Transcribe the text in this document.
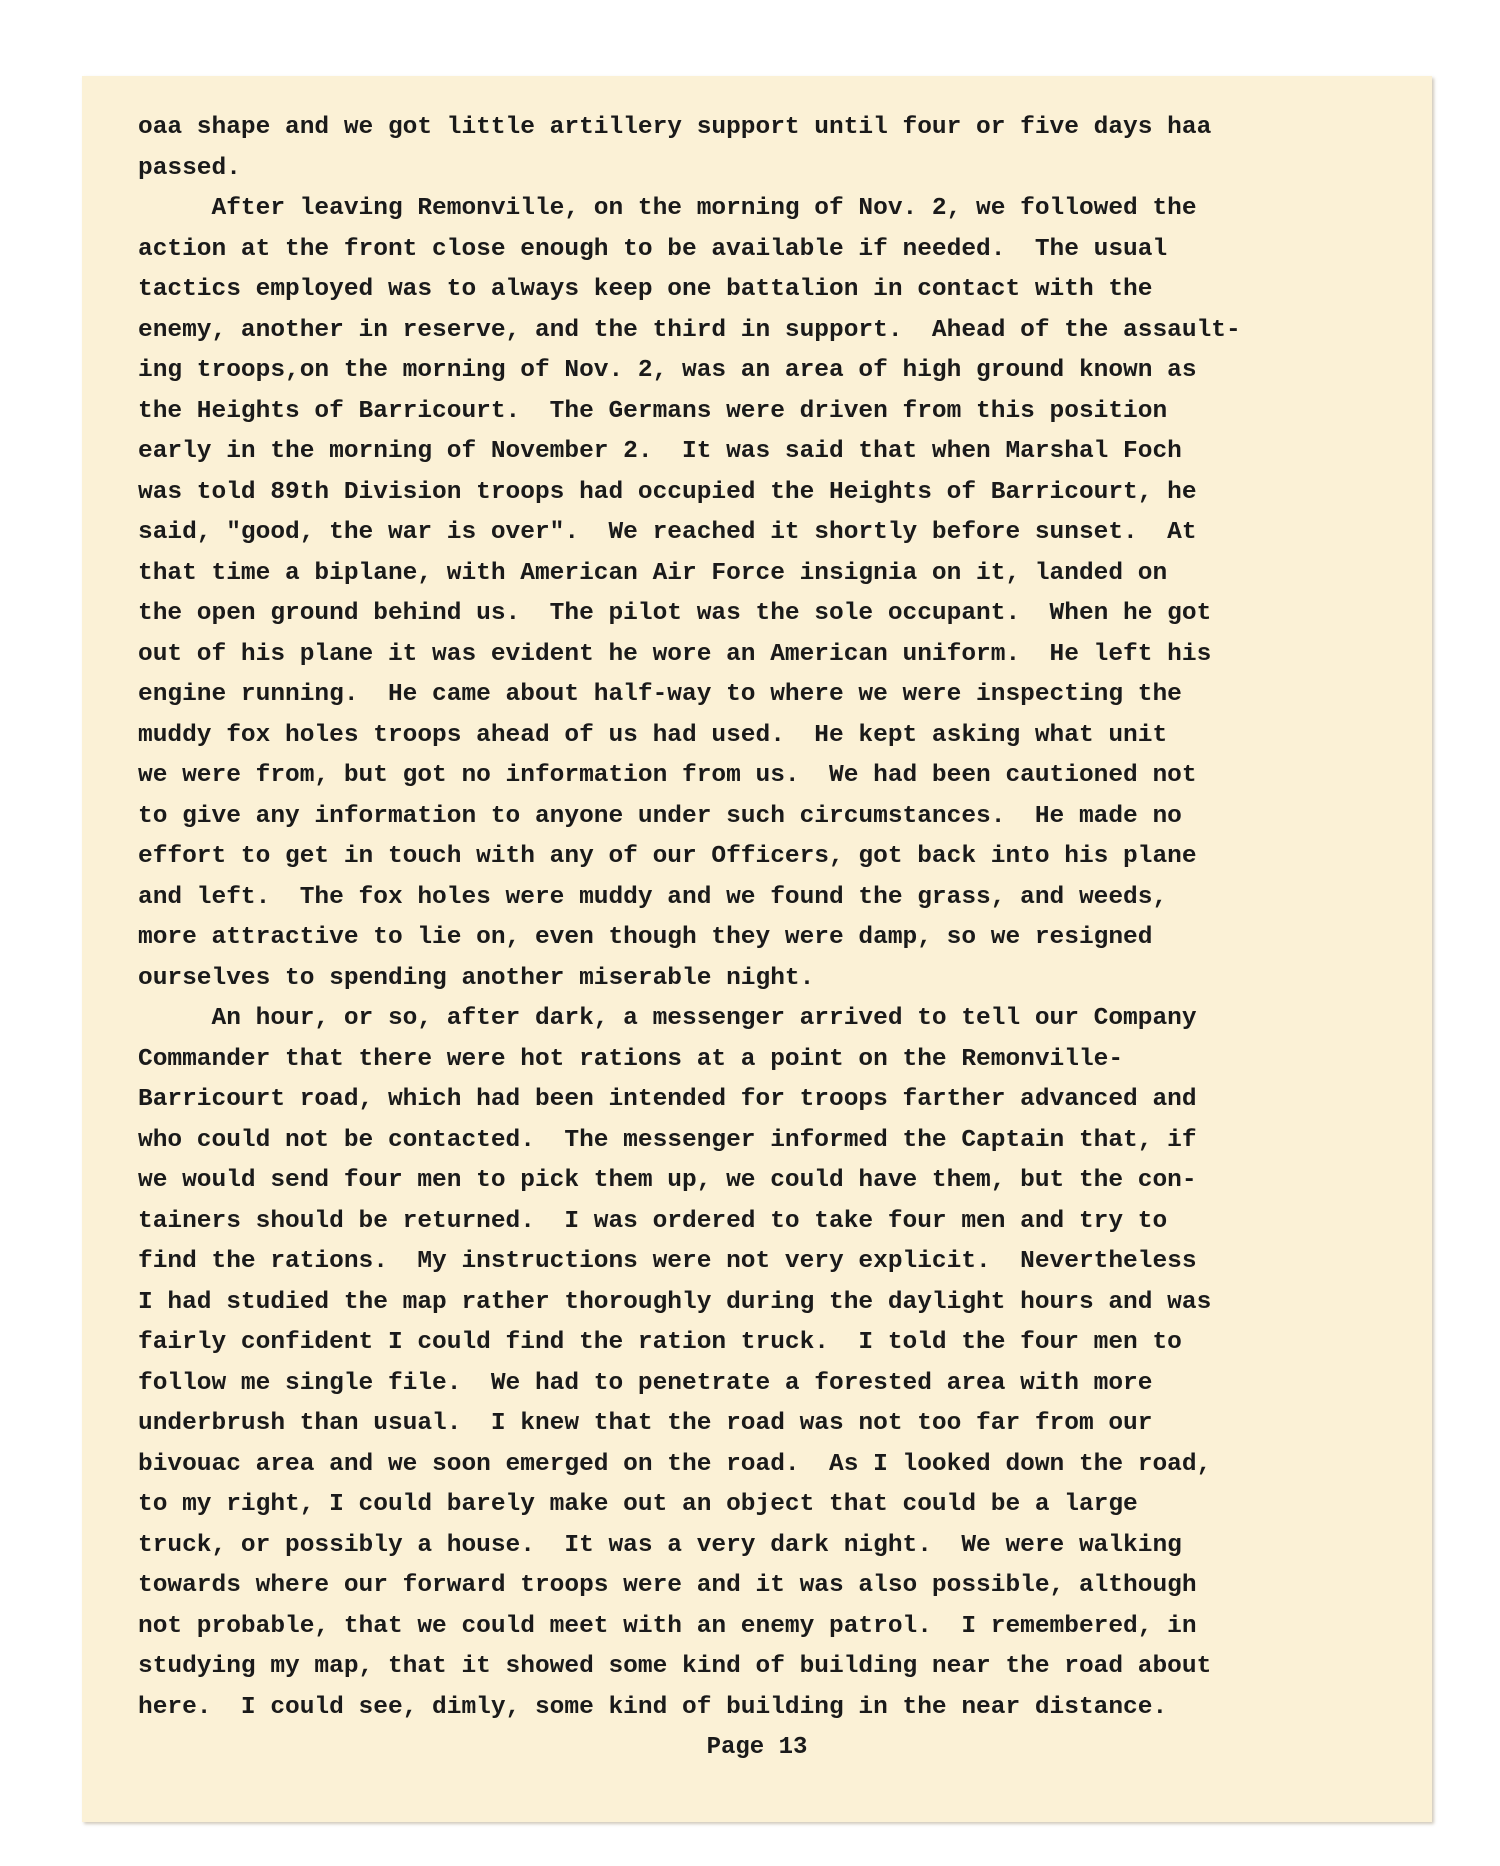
oaa shape and we got little artillery support until four or five days haa
passed.
After leaving Remonville, on the morning of Nov. 2, we followed the
action at the front close enough to be available if needed.  The usual
tactics employed was to always keep one battalion in contact with the
enemy, another in reserve, and the third in support.  Ahead of the assault-
ing troops,on the morning of Nov. 2, was an area of high ground known as
the Heights of Barricourt.  The Germans were driven from this position
early in the morning of November 2.  It was said that when Marshal Foch
was told 89th Division troops had occupied the Heights of Barricourt, he
said, "good, the war is over".  We reached it shortly before sunset.  At
that time a biplane, with American Air Force insignia on it, landed on
the open ground behind us.  The pilot was the sole occupant.  When he got
out of his plane it was evident he wore an American uniform.  He left his
engine running.  He came about half-way to where we were inspecting the
muddy fox holes troops ahead of us had used.  He kept asking what unit
we were from, but got no information from us.  We had been cautioned not
to give any information to anyone under such circumstances.  He made no
effort to get in touch with any of our Officers, got back into his plane
and left.  The fox holes were muddy and we found the grass, and weeds,
more attractive to lie on, even though they were damp, so we resigned
ourselves to spending another miserable night.
An hour, or so, after dark, a messenger arrived to tell our Company
Commander that there were hot rations at a point on the Remonville-
Barricourt road, which had been intended for troops farther advanced and
who could not be contacted.  The messenger informed the Captain that, if
we would send four men to pick them up, we could have them, but the con-
tainers should be returned.  I was ordered to take four men and try to
find the rations.  My instructions were not very explicit.  Nevertheless
I had studied the map rather thoroughly during the daylight hours and was
fairly confident I could find the ration truck.  I told the four men to
follow me single file.  We had to penetrate a forested area with more
underbrush than usual.  I knew that the road was not too far from our
bivouac area and we soon emerged on the road.  As I looked down the road,
to my right, I could barely make out an object that could be a large
truck, or possibly a house.  It was a very dark night.  We were walking
towards where our forward troops were and it was also possible, although
not probable, that we could meet with an enemy patrol.  I remembered, in
studying my map, that it showed some kind of building near the road about
here.  I could see, dimly, some kind of building in the near distance.
Page 13
